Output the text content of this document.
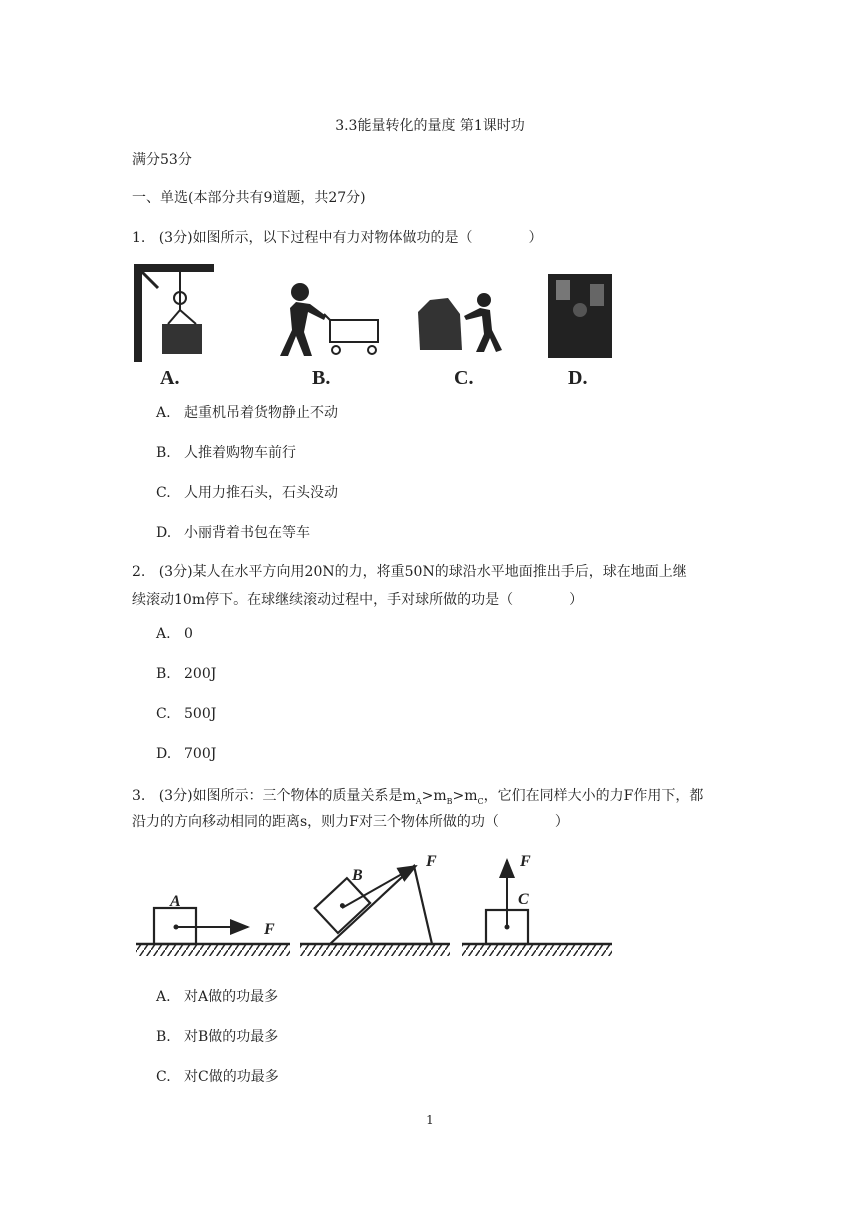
3.3能量转化的量度 第1课时功
满分53分
一、单选(本部分共有9道题，共27分)
1. (3分)如图所示，以下过程中有力对物体做功的是（　　　　）
A.	B.	C.	D.
A. 起重机吊着货物静止不动
B. 人推着购物车前行
C. 人用力推石头，石头没动
D. 小丽背着书包在等车
2. (3分)某人在水平方向用20N的力，将重50N的球沿水平地面推出手后，球在地面上继
续滚动10m停下。在球继续滚动过程中，手对球所做的功是（　　　　）
A. 0
B. 200J
C. 500J
D. 700J
3. (3分)如图所示：三个物体的质量关系是$m_A>m_B>m_C$，它们在同样大小的力F作用下，都
沿力的方向移动相同的距离s，则力F对三个物体所做的功（　　　　）
A
F
B
F
C
F
A. 对A做的功最多
B. 对B做的功最多
C. 对C做的功最多
1
